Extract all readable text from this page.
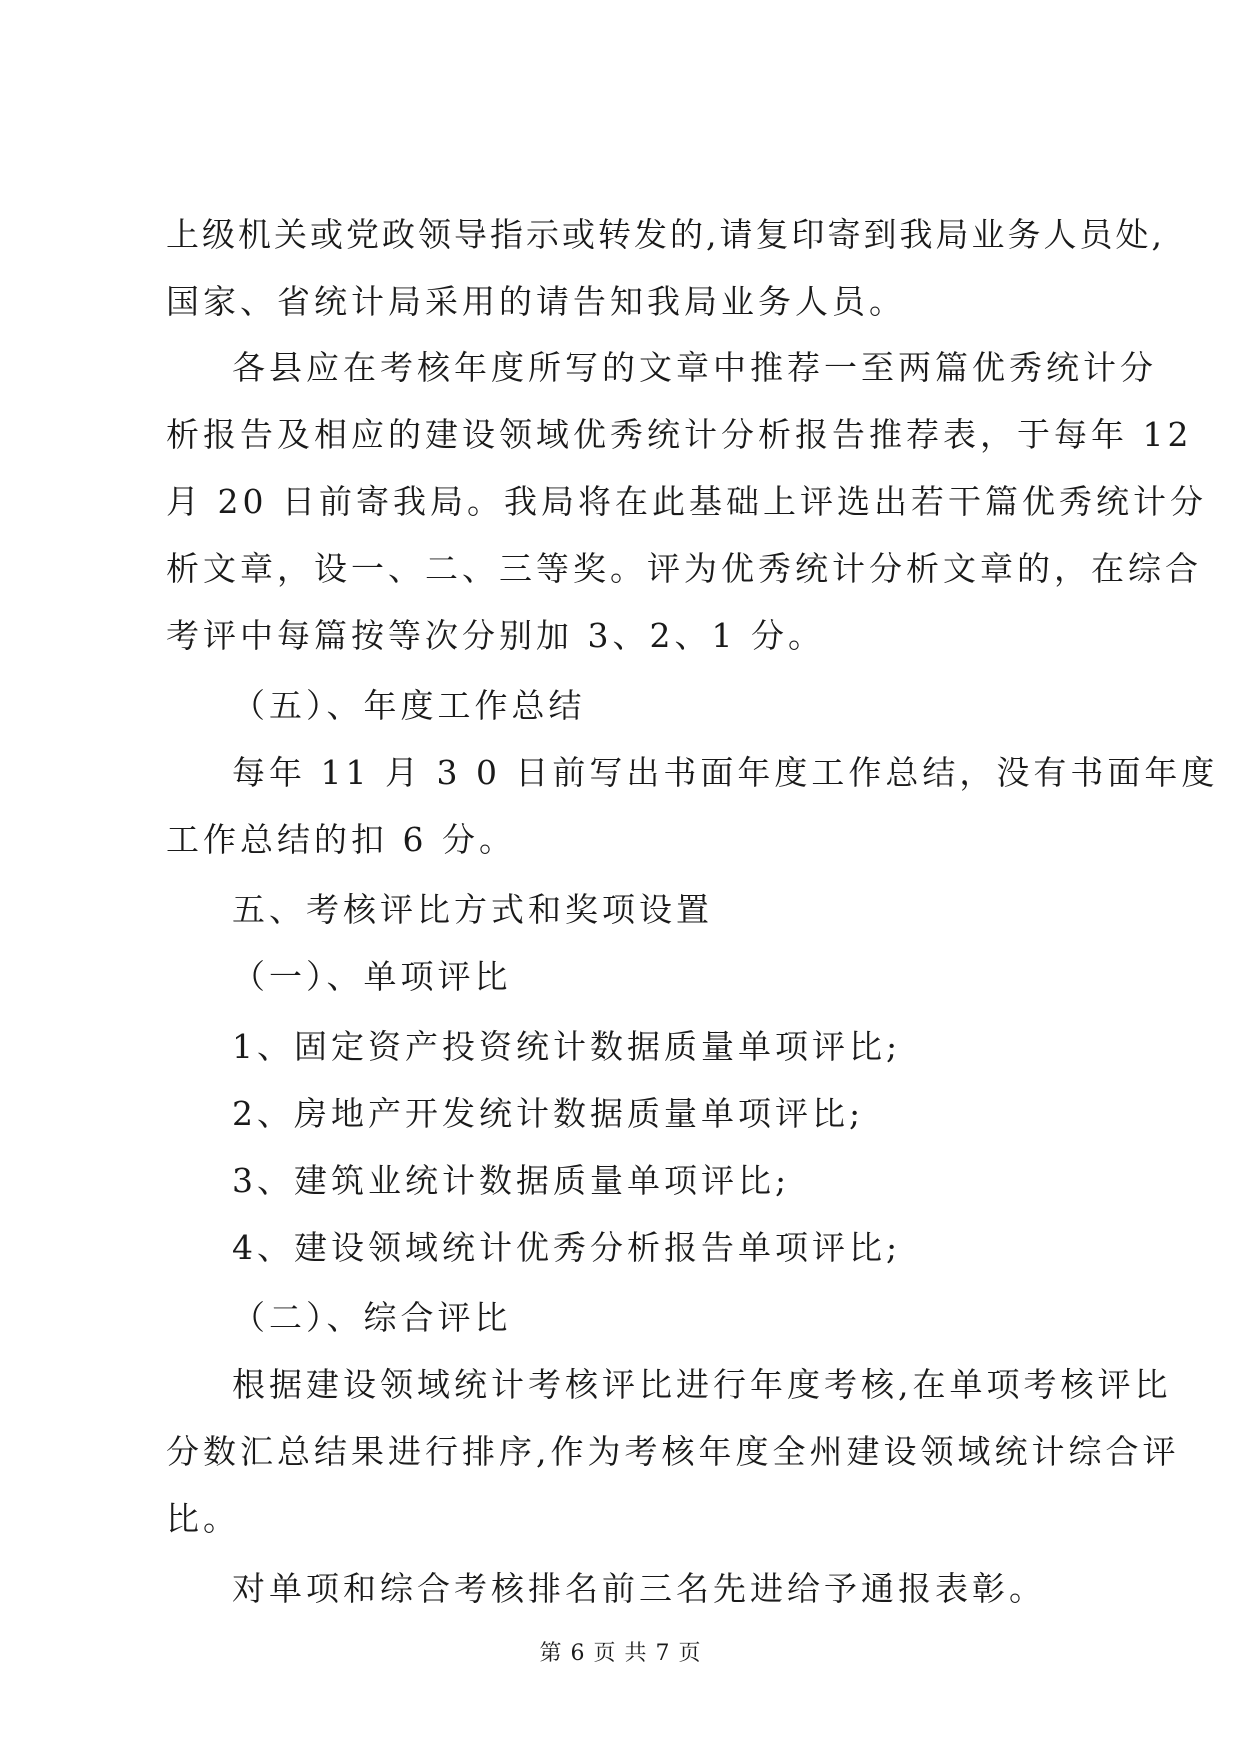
上级机关或党政领导指示或转发的,请复印寄到我局业务人员处,
国家、省统计局采用的请告知我局业务人员。
各县应在考核年度所写的文章中推荐一至两篇优秀统计分
析报告及相应的建设领域优秀统计分析报告推荐表，于每年 12
月 20 日前寄我局。我局将在此基础上评选出若干篇优秀统计分
析文章，设一、二、三等奖。评为优秀统计分析文章的，在综合
考评中每篇按等次分别加 3、2、1 分。
（五）、年度工作总结
每年 11 月 3 0 日前写出书面年度工作总结，没有书面年度
工作总结的扣 6 分。
五、考核评比方式和奖项设置
（一）、单项评比
1、固定资产投资统计数据质量单项评比;
2、房地产开发统计数据质量单项评比;
3、建筑业统计数据质量单项评比;
4、建设领域统计优秀分析报告单项评比;
（二）、综合评比
根据建设领域统计考核评比进行年度考核,在单项考核评比
分数汇总结果进行排序,作为考核年度全州建设领域统计综合评
比。
对单项和综合考核排名前三名先进给予通报表彰。
第 6 页 共 7 页
